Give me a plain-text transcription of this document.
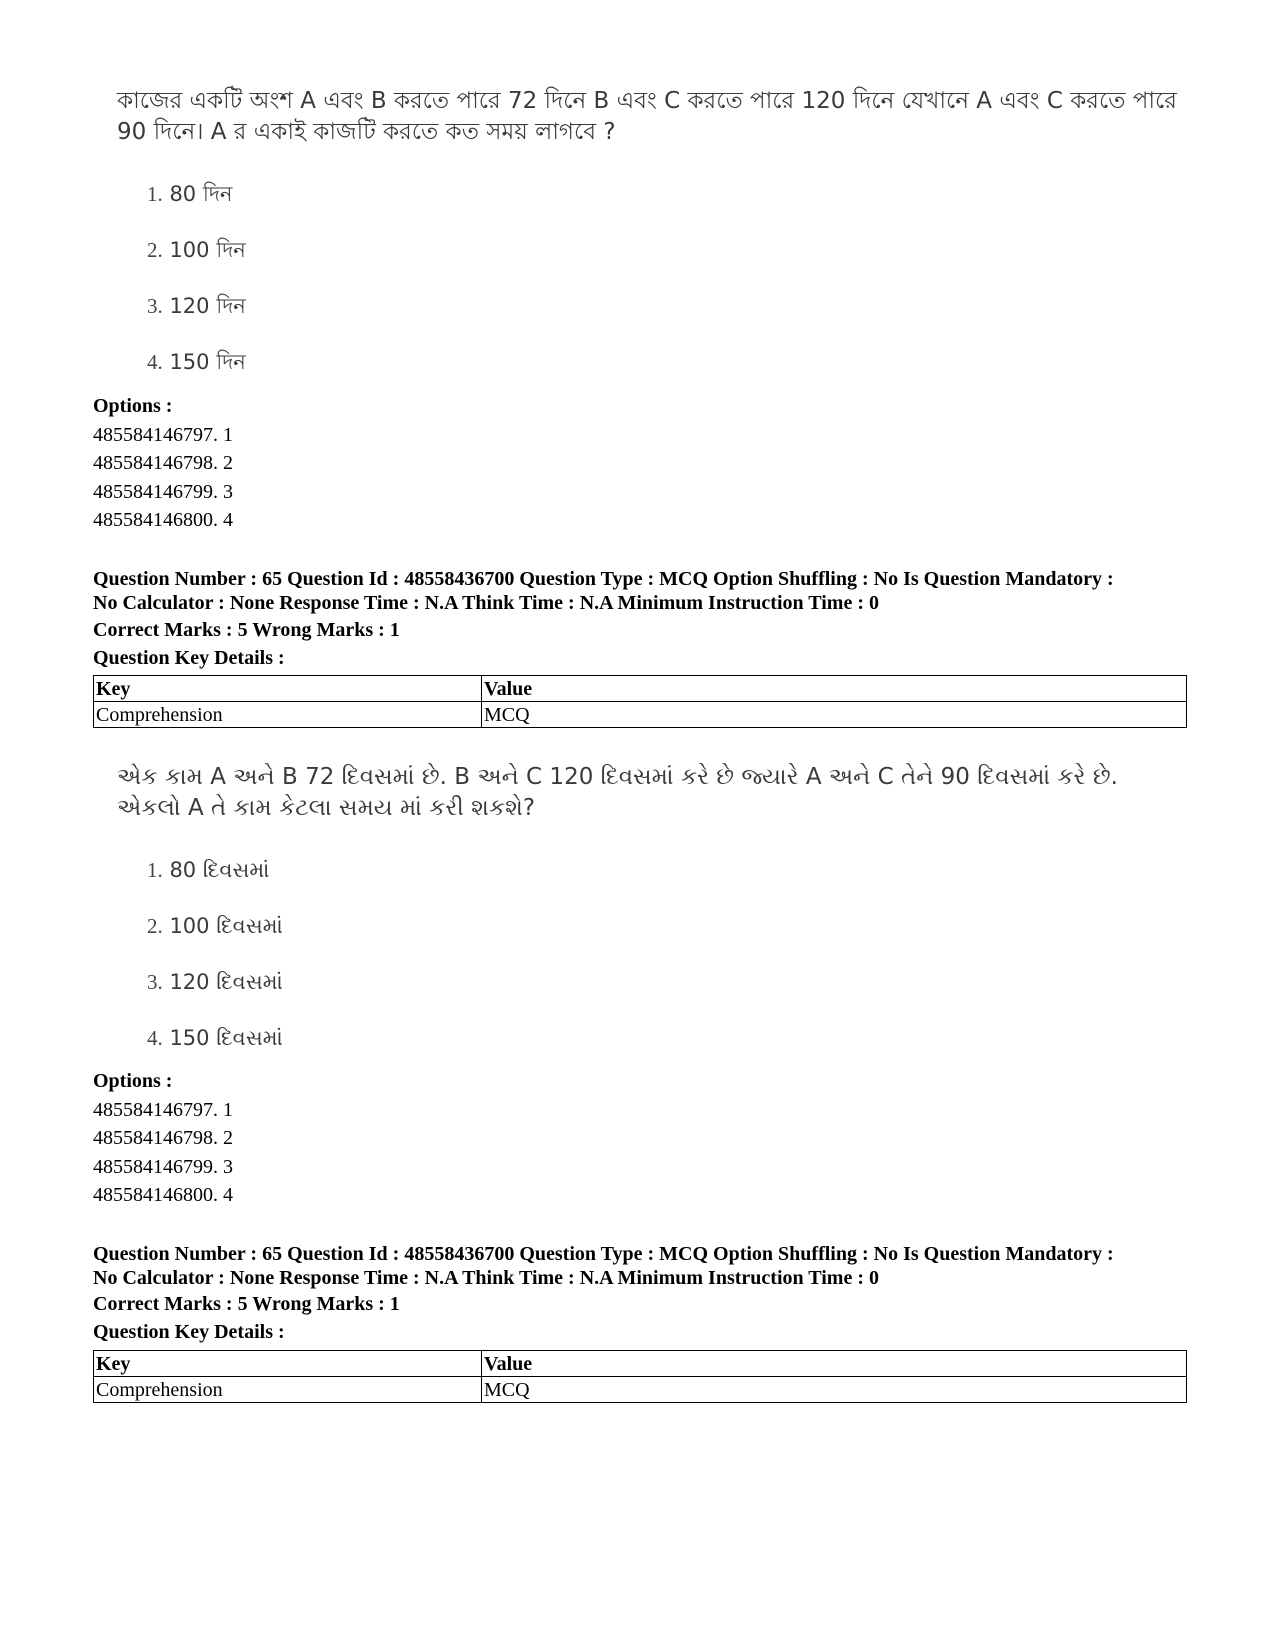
কাজের একটি অংশ A এবং B করতে পারে 72 দিনে B এবং C করতে পারে 120 দিনে যেখানে A এবং C করতে পারে 90 দিনে। A র একাই কাজটি করতে কত সময় লাগবে ?

1. 80 দিন
2. 100 দিন
3. 120 দিন
4. 150 দিন
Options :
485584146797. 1
485584146798. 2
485584146799. 3
485584146800. 4

Question Number : 65 Question Id : 48558436700 Question Type : MCQ Option Shuffling : No Is Question Mandatory :

No Calculator : None Response Time : N.A Think Time : N.A Minimum Instruction Time : 0

Correct Marks : 5 Wrong Marks : 1
Question Key Details :
Key	Value
Comprehension	MCQ

એક કામ A અને B 72 દિવસમાં છે. B અને C 120 દિવસમાં કરે છે જ્યારે A અને C તેને 90 દિવસમાં કરે છે. એકલો A તે કામ કેટલા સમય માં કરી શકશે?

1. 80 દિવસમાં
2. 100 દિવસમાં
3. 120 દિવસમાં
4. 150 દિવસમાં
Options :
485584146797. 1
485584146798. 2
485584146799. 3
485584146800. 4

Question Number : 65 Question Id : 48558436700 Question Type : MCQ Option Shuffling : No Is Question Mandatory :

No Calculator : None Response Time : N.A Think Time : N.A Minimum Instruction Time : 0

Correct Marks : 5 Wrong Marks : 1
Question Key Details :
Key	Value
Comprehension	MCQ
